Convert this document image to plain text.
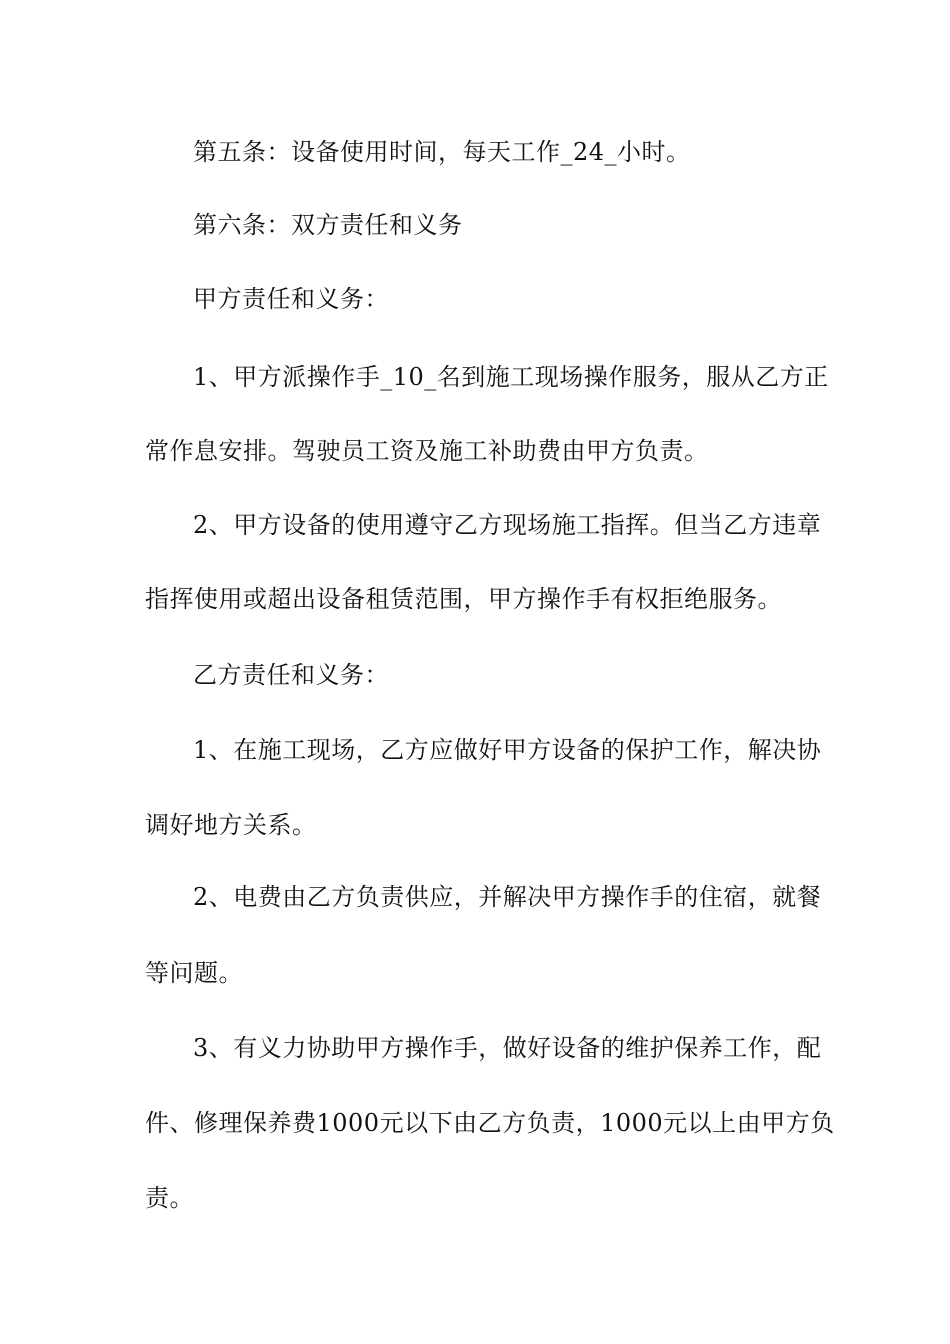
第五条：设备使用时间，每天工作_24_小时。
第六条：双方责任和义务
甲方责任和义务：
1、甲方派操作手_10_名到施工现场操作服务，服从乙方正
常作息安排。驾驶员工资及施工补助费由甲方负责。
2、甲方设备的使用遵守乙方现场施工指挥。但当乙方违章
指挥使用或超出设备租赁范围，甲方操作手有权拒绝服务。
乙方责任和义务：
1、在施工现场，乙方应做好甲方设备的保护工作，解决协
调好地方关系。
2、电费由乙方负责供应，并解决甲方操作手的住宿，就餐
等问题。
3、有义力协助甲方操作手，做好设备的维护保养工作，配
件、修理保养费1000元以下由乙方负责，1000元以上由甲方负
责。
